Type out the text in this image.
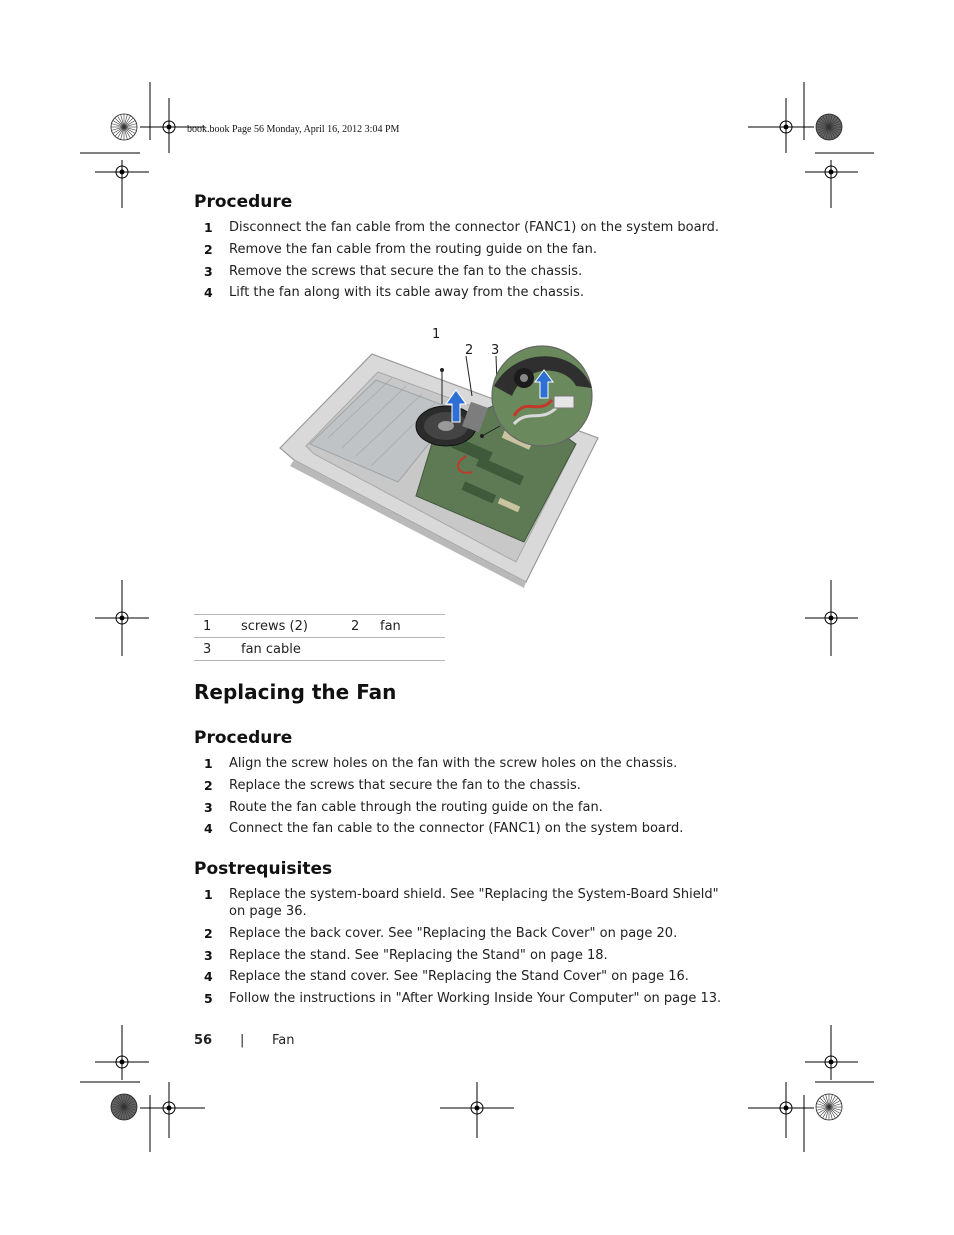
book.book Page 56 Monday, April 16, 2012 3:04 PM
Procedure
1 Disconnect the fan cable from the connector (FANC1) on the system board.
2 Remove the fan cable from the routing guide on the fan.
3 Remove the screws that secure the fan to the chassis.
4 Lift the fan along with its cable away from the chassis.
1
2 3
1	screws (2)	2	fan
3	fan cable		
Replacing the Fan
Procedure
1 Align the screw holes on the fan with the screw holes on the chassis.
2 Replace the screws that secure the fan to the chassis.
3 Route the fan cable through the routing guide on the fan.
4 Connect the fan cable to the connector (FANC1) on the system board.
Postrequisites
1 Replace the system-board shield. See "Replacing the System-Board Shield" on page 36.
2 Replace the back cover. See "Replacing the Back Cover" on page 20.
3 Replace the stand. See "Replacing the Stand" on page 18.
4 Replace the stand cover. See "Replacing the Stand Cover" on page 16.
5 Follow the instructions in "After Working Inside Your Computer" on page 13.
56 | Fan
